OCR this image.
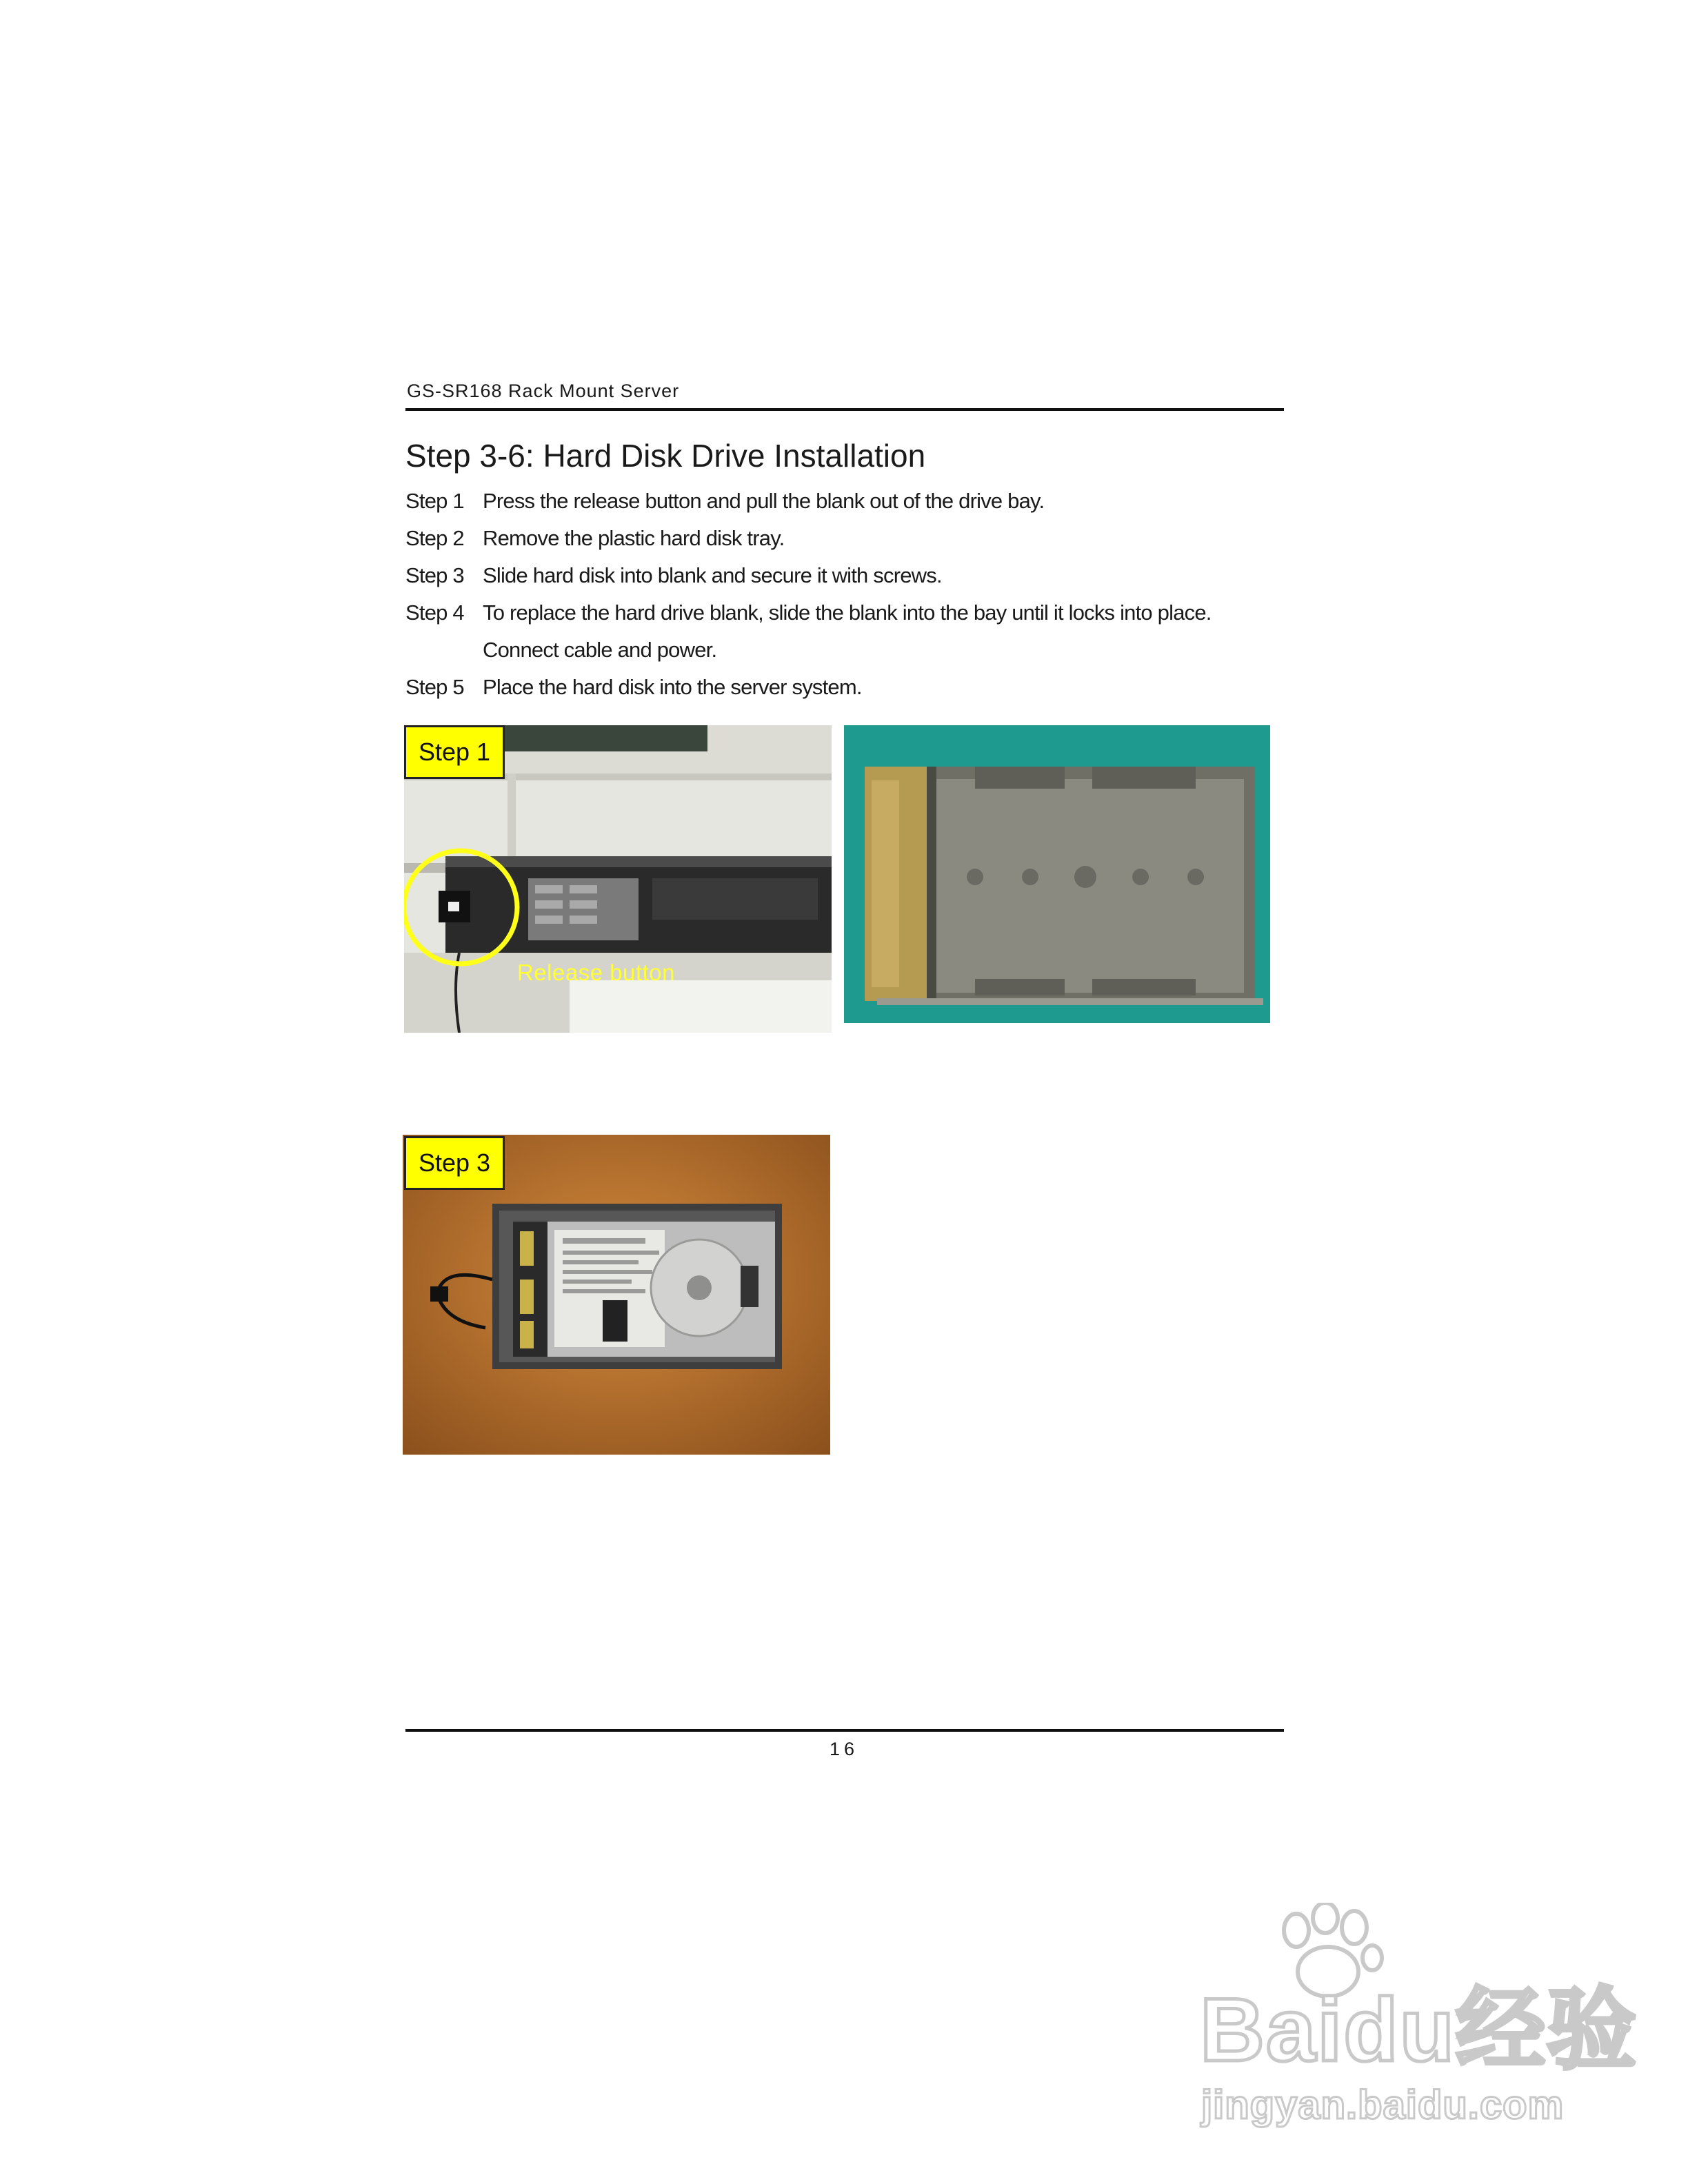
GS-SR168 Rack Mount Server
Step 3-6: Hard Disk Drive Installation
Step 1 Press the release button and pull the blank out of the drive bay.
Step 2 Remove the plastic hard disk tray.
Step 3 Slide hard disk into blank and secure it with screws.
Step 4 To replace the hard drive blank, slide the blank into the bay until it locks into place. Connect cable and power.
Step 5 Place the hard disk into the server system.
Step 1
Release button
Step 3
16
Baidu经验
jingyan.baidu.com
